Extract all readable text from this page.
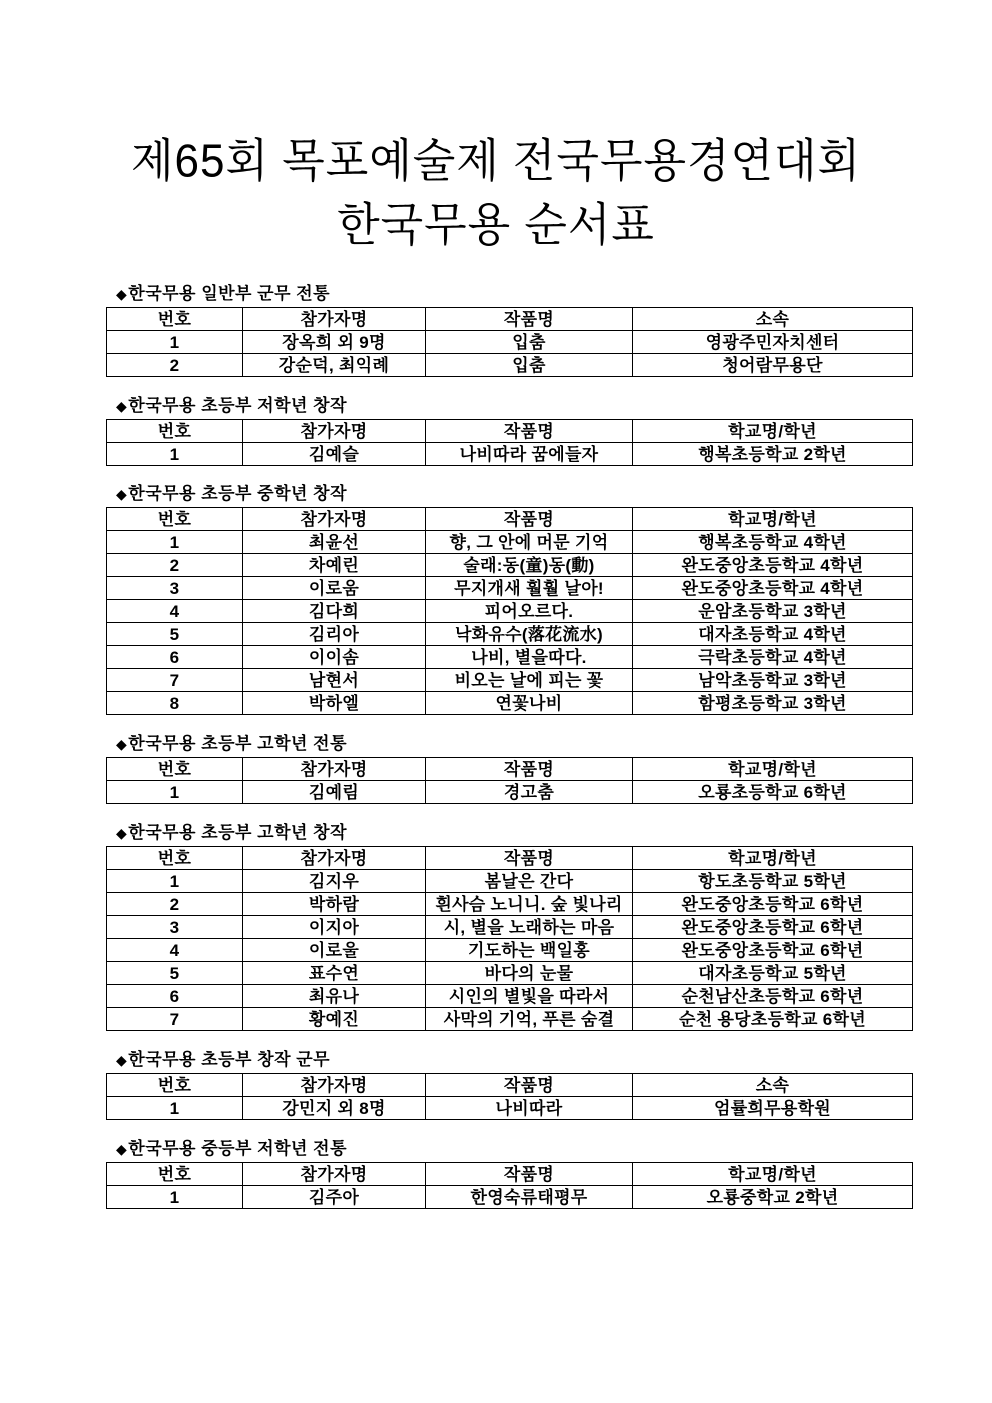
제65회 목포예술제 전국무용경연대회
한국무용 순서표
◆한국무용 일반부 군무 전통
번호	참가자명	작품명	소속
1	장옥희 외 9명	입춤	영광주민자치센터
2	강순덕, 최익례	입춤	청어람무용단
◆한국무용 초등부 저학년 창작
번호	참가자명	작품명	학교명/학년
1	김예슬	나비따라 꿈에들자	행복초등학교 2학년
◆한국무용 초등부 중학년 창작
번호	참가자명	작품명	학교명/학년
1	최윤선	향, 그 안에 머문 기억	행복초등학교 4학년
2	차예린	술래:동(童)동(動)	완도중앙초등학교 4학년
3	이로움	무지개새 훨훨 날아!	완도중앙초등학교 4학년
4	김다희	피어오르다.	운암초등학교 3학년
5	김리아	낙화유수(落花流水)	대자초등학교 4학년
6	이이솜	나비, 별을따다.	극락초등학교 4학년
7	남현서	비오는 날에 피는 꽃	남악초등학교 3학년
8	박하엘	연꽃나비	함평초등학교 3학년
◆한국무용 초등부 고학년 전통
번호	참가자명	작품명	학교명/학년
1	김예림	경고춤	오룡초등학교 6학년
◆한국무용 초등부 고학년 창작
번호	참가자명	작품명	학교명/학년
1	김지우	봄날은 간다	항도초등학교 5학년
2	박하람	흰사슴 노니니. 숲 빛나리	완도중앙초등학교 6학년
3	이지아	시, 별을 노래하는 마음	완도중앙초등학교 6학년
4	이로울	기도하는 백일홍	완도중앙초등학교 6학년
5	표수연	바다의 눈물	대자초등학교 5학년
6	최유나	시인의 별빛을 따라서	순천남산초등학교 6학년
7	황예진	사막의 기억, 푸른 숨결	순천 용당초등학교 6학년
◆한국무용 초등부 창작 군무
번호	참가자명	작품명	소속
1	강민지 외 8명	나비따라	엄률희무용학원
◆한국무용 중등부 저학년 전통
번호	참가자명	작품명	학교명/학년
1	김주아	한영숙류태평무	오룡중학교 2학년
